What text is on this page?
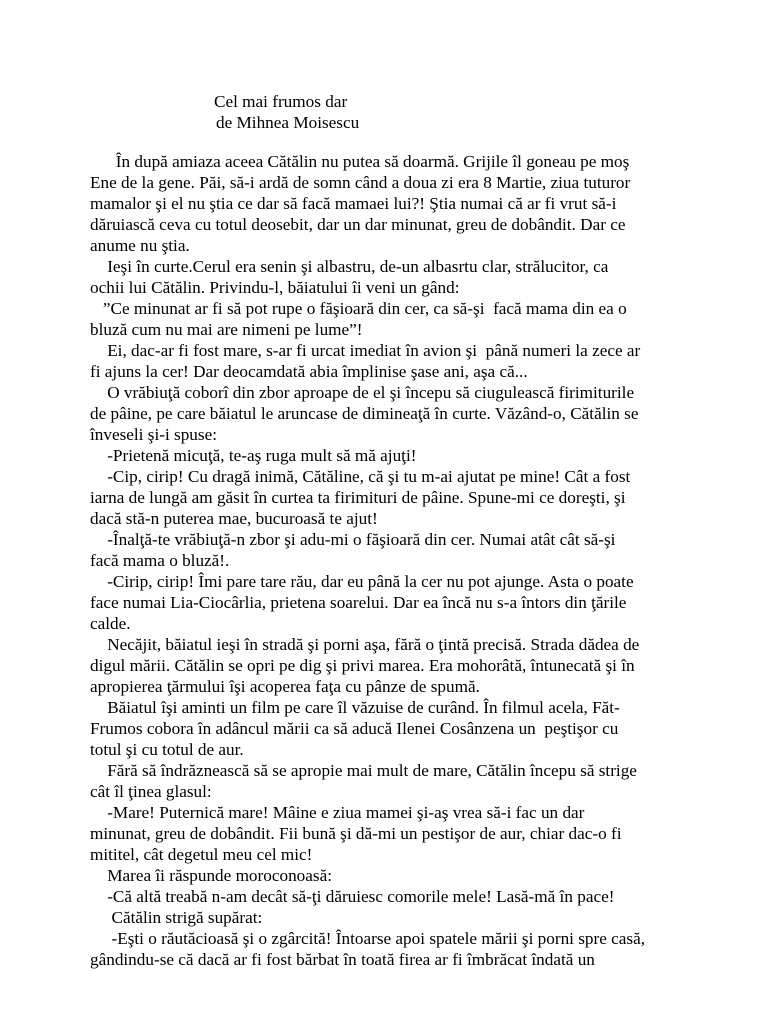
Cel mai frumos dar
de Mihnea Moisescu
În după amiaza aceea Cătălin nu putea să doarmă. Grijile îl goneau pe moş
Ene de la gene. Păi, să-i ardă de somn când a doua zi era 8 Martie, ziua tuturor
mamalor şi el nu ştia ce dar să facă mamaei lui?! Ştia numai că ar fi vrut să-i
dăruiască ceva cu totul deosebit, dar un dar minunat, greu de dobândit. Dar ce
anume nu ştia.
Ieşi în curte.Cerul era senin şi albastru, de-un albasrtu clar, strălucitor, ca
ochii lui Cătălin. Privindu-l, băiatului îi veni un gând:
”Ce minunat ar fi să pot rupe o făşioară din cer, ca să-şi  facă mama din ea o
bluză cum nu mai are nimeni pe lume”!
Ei, dac-ar fi fost mare, s-ar fi urcat imediat în avion şi  până numeri la zece ar
fi ajuns la cer! Dar deocamdată abia împlinise şase ani, aşa că...
O vrăbiuţă coborî din zbor aproape de el şi începu să ciugulească firimiturile
de pâine, pe care băiatul le aruncase de dimineaţă în curte. Văzând-o, Cătălin se
înveseli şi-i spuse:
-Prietenă micuţă, te-aş ruga mult să mă ajuţi!
-Cip, cirip! Cu dragă inimă, Cătăline, că şi tu m-ai ajutat pe mine! Cât a fost
iarna de lungă am găsit în curtea ta firimituri de pâine. Spune-mi ce doreşti, şi
dacă stă-n puterea mae, bucuroasă te ajut!
-Înalţă-te vrăbiuţă-n zbor şi adu-mi o făşioară din cer. Numai atât cât să-şi
facă mama o bluză!.
-Cirip, cirip! Îmi pare tare rău, dar eu până la cer nu pot ajunge. Asta o poate
face numai Lia-Ciocârlia, prietena soarelui. Dar ea încă nu s-a întors din ţările
calde.
Necăjit, băiatul ieşi în stradă şi porni aşa, fără o ţintă precisă. Strada dădea de
digul mării. Cătălin se opri pe dig şi privi marea. Era mohorâtă, întunecată şi în
apropierea ţărmului îşi acoperea faţa cu pânze de spumă.
Băiatul îşi aminti un film pe care îl văzuise de curând. În filmul acela, Făt-
Frumos cobora în adâncul mării ca să aducă Ilenei Cosânzena un  peştişor cu
totul şi cu totul de aur.
Fără să îndrăznească să se apropie mai mult de mare, Cătălin începu să strige
cât îl ţinea glasul:
-Mare! Puternică mare! Mâine e ziua mamei şi-aş vrea să-i fac un dar
minunat, greu de dobândit. Fii bună şi dă-mi un pestişor de aur, chiar dac-o fi
mititel, cât degetul meu cel mic!
Marea îi răspunde moroconoasă:
-Că altă treabă n-am decât să-ţi dăruiesc comorile mele! Lasă-mă în pace!
Cătălin strigă supărat:
-Eşti o răutăcioasă şi o zgârcită! Întoarse apoi spatele mării şi porni spre casă,
gândindu-se că dacă ar fi fost bărbat în toată firea ar fi îmbrăcat îndată un
